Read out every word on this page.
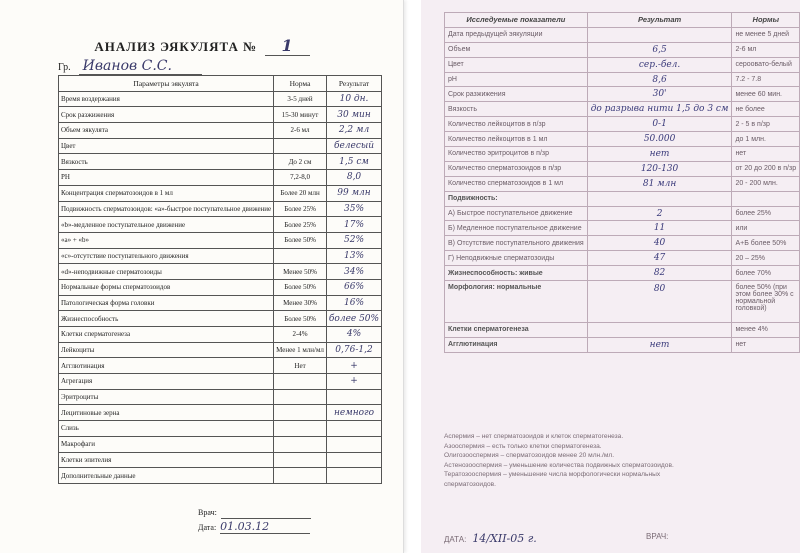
АНАЛИЗ ЭЯКУЛЯТА № 1
Гр. Иванов С.С.
Параметры эякулята	Норма	Результат
Время воздержания	3-5 дней	10 дн.
Срок разжижения	15-30 минут	30 мин
Объем эякулята	2-6 мл	2,2 мл
Цвет		белесый
Вязкость	До 2 см	1,5 см
PH	7,2-8,0	8,0
Концентрация сперматозоидов в 1 мл	Более 20 млн	99 млн
Подвижность сперматозоидов: «a»-быстрое поступательное движение	Более 25%	35%
«b»-медленное поступательное движение	Более 25%	17%
«a» + «b»	Более 50%	52%
«c»-отсутствие поступательного движения		13%
«d»-неподвижные сперматозоиды	Менее 50%	34%
Нормальные формы сперматозоидов	Более 50%	66%
Патологическая форма головки	Менее 30%	16%
Жизнеспособность	Более 50%	более 50%
Клетки сперматогенеза	2-4%	4%
Лейкоциты	Менее 1 млн/мл	0,76-1,2
Агглютинация	Нет	+
Агрегация		+
Эритроциты		
Лецитиновые зерна		немного
Слизь		
Макрофаги		
Клетки эпителия		
Дополнительные данные		
Врач:
Дата: 01.03.12
Исследуемые показатели	Результат	Нормы
Дата предыдущей эякуляции		не менее 5 дней
Объем	6,5	2-6 мл
Цвет	сер.-бел.	сероовато-белый
pH	8,6	7.2 - 7.8
Срок разжижения	30'	менее 60 мин.
Вязкость	до разрыва нити 1,5 до 3 см	не более
Количество лейкоцитов в п/зр	0-1	2 - 5 в п/зр
Количество лейкоцитов в 1 мл	50.000	до 1 млн.
Количество эритроцитов в п/зр	нет	нет
Количество сперматозоидов в п/зр	120-130	от 20 до 200 в п/зр
Количество сперматозоидов в 1 мл	81 млн	20 - 200 млн.
Подвижность:		
А) Быстрое поступательное движение	2	более 25%
Б) Медленное поступательное движение	11	или
В) Отсутствие поступательного движения	40	А+Б более 50%
Г) Неподвижные сперматозоиды	47	20 – 25%
Жизнеспособность: живые	82	более 70%
Морфология: нормальные	80	более 50% (при этом более 30% с нормальной головкой)
Клетки сперматогенеза		менее 4%
Агглютинация	нет	нет
Аспермия – нет сперматозоидов и клеток сперматогенеза.
Азооспермия – есть только клетки сперматогенеза.
Олигозооспермия – сперматозоидов менее 20 млн./мл.
Астенозооспермия – уменьшение количества подвижных сперматозоидов.
Тератозооспермия – уменьшение числа морфологически нормальных
сперматозоидов.
ДАТА: 14/XII-05 г.	ВРАЧ:
